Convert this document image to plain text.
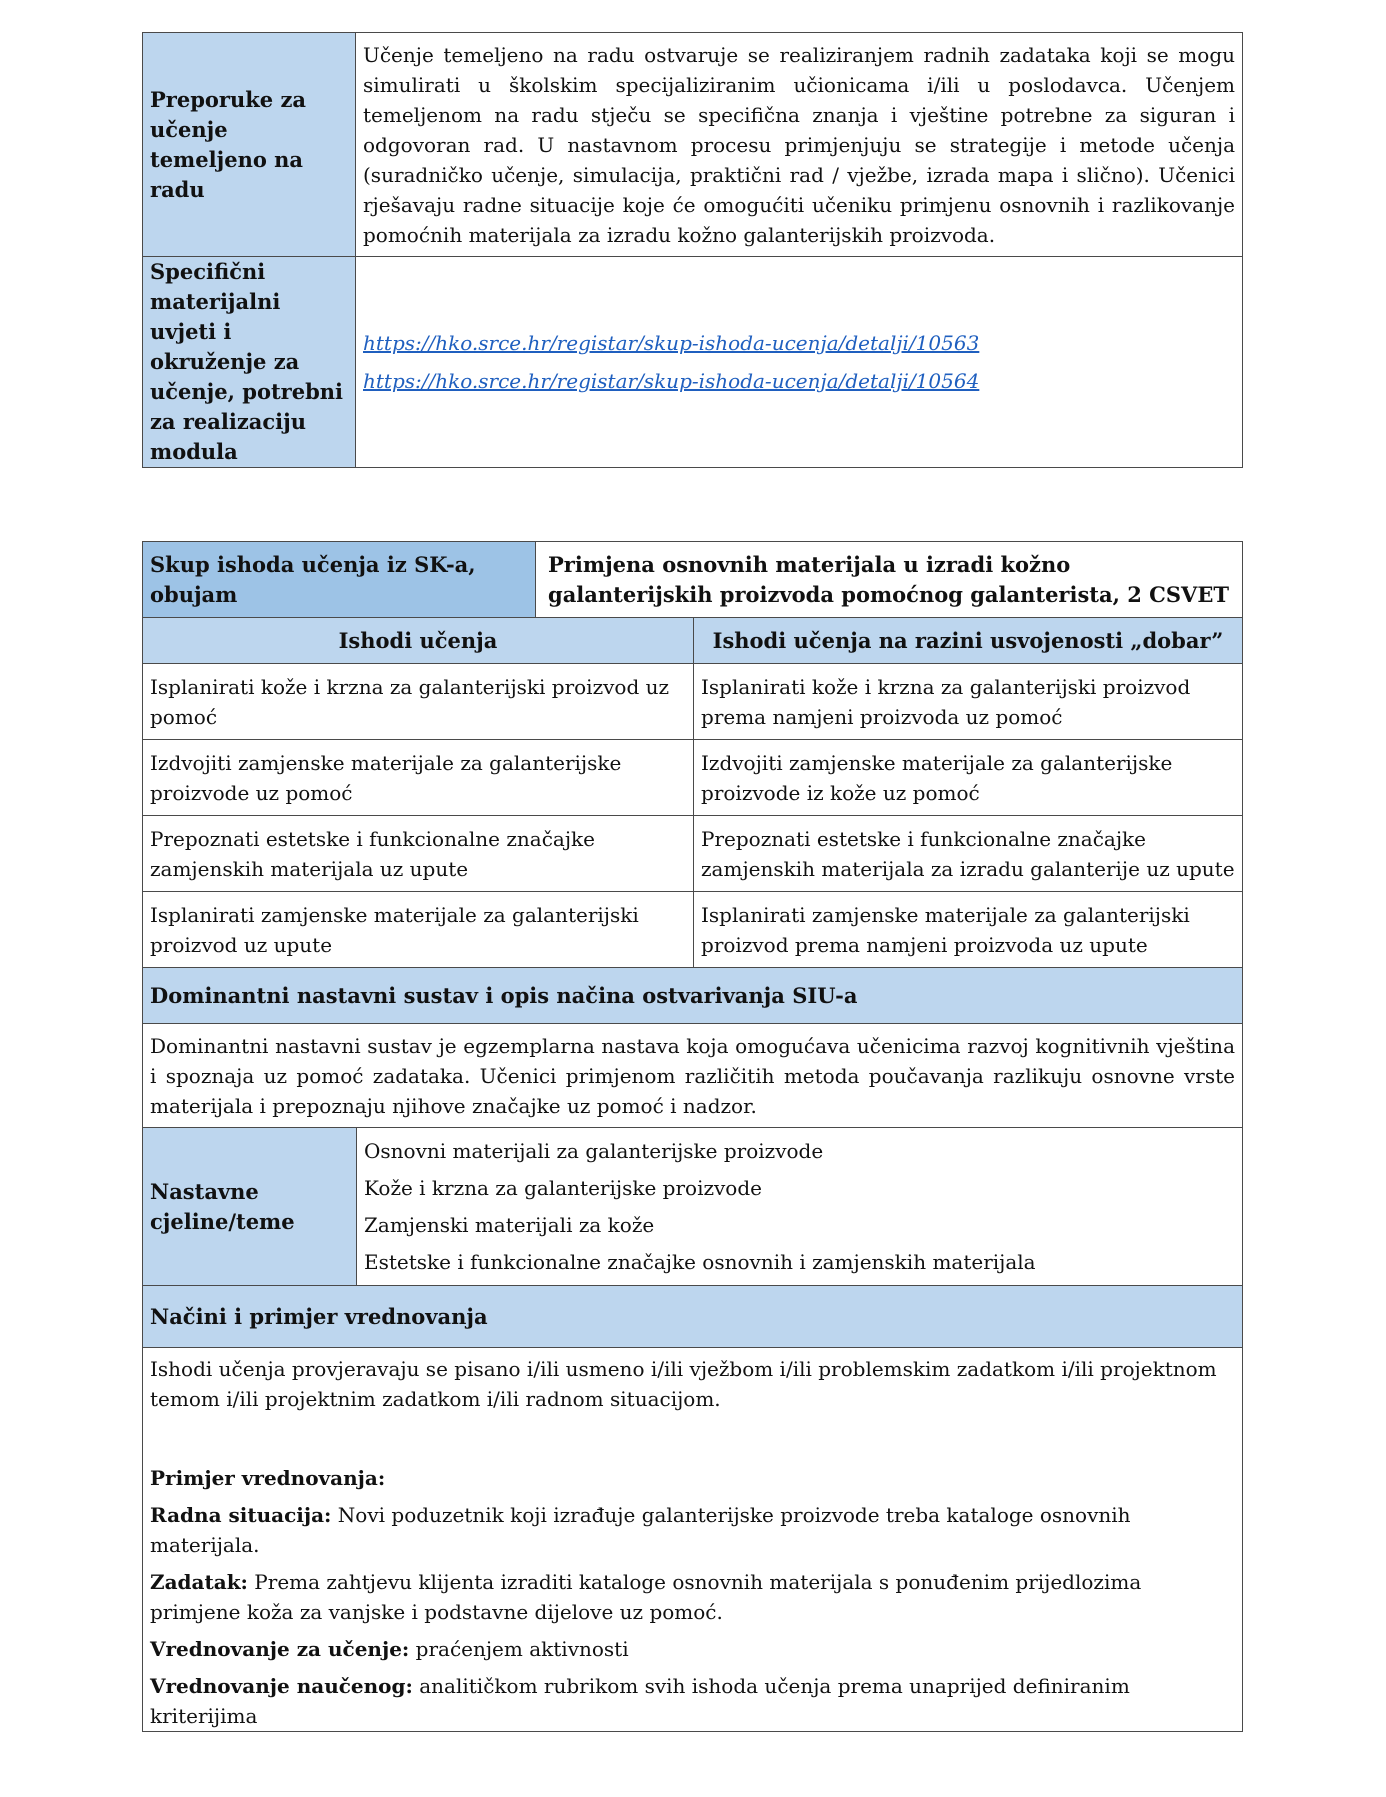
Preporuke za učenje temeljeno na radu	Učenje temeljeno na radu ostvaruje se realiziranjem radnih zadataka koji se mogu simulirati u školskim specijaliziranim učionicama i/ili u poslodavca. Učenjem temeljenom na radu stječu se specifična znanja i vještine potrebne za siguran i odgovoran rad. U nastavnom procesu primjenjuju se strategije i metode učenja (suradničko učenje, simulacija, praktični rad / vježbe, izrada mapa i slično). Učenici rješavaju radne situacije koje će omogućiti učeniku primjenu osnovnih i razlikovanje pomoćnih materijala za izradu kožno galanterijskih proizvoda.
Specifični materijalni uvjeti i okruženje za učenje, potrebni za realizaciju modula	https://hko.srce.hr/registar/skup-ishoda-ucenja/detalji/10563
https://hko.srce.hr/registar/skup-ishoda-ucenja/detalji/10564
Skup ishoda učenja iz SK-a, obujam		Primjena osnovnih materijala u izradi kožno galanterijskih proizvoda pomoćnog galanterista, 2 CSVET	
Ishodi učenja			Ishodi učenja na razini usvojenosti „dobar”
Isplanirati kože i krzna za galanterijski proizvod uz pomoć			Isplanirati kože i krzna za galanterijski proizvod prema namjeni proizvoda uz pomoć
Izdvojiti zamjenske materijale za galanterijske proizvode uz pomoć			Izdvojiti zamjenske materijale za galanterijske proizvode iz kože uz pomoć
Prepoznati estetske i funkcionalne značajke zamjenskih materijala uz upute			Prepoznati estetske i funkcionalne značajke zamjenskih materijala za izradu galanterije uz upute
Isplanirati zamjenske materijale za galanterijski proizvod uz upute			Isplanirati zamjenske materijale za galanterijski proizvod prema namjeni proizvoda uz upute
Dominantni nastavni sustav i opis načina ostvarivanja SIU-a			
Dominantni nastavni sustav je egzemplarna nastava koja omogućava učenicima razvoj kognitivnih vještina i spoznaja uz pomoć zadataka. Učenici primjenom različitih metoda poučavanja razlikuju osnovne vrste materijala i prepoznaju njihove značajke uz pomoć i nadzor.			
Nastavne cjeline/teme	Osnovni materijali za galanterijske proizvode
Kože i krzna za galanterijske proizvode
Zamjenski materijali za kože
Estetske i funkcionalne značajke osnovnih i zamjenskih materijala		

Načini i primjer vrednovanja			

Ishodi učenja provjeravaju se pisano i/ili usmeno i/ili vježbom i/ili problemskim zadatkom i/ili projektnom temom i/ili projektnim zadatkom i/ili radnom situacijom.
Primjer vrednovanja:
Radna situacija: Novi poduzetnik koji izrađuje galanterijske proizvode treba kataloge osnovnih materijala.
Zadatak: Prema zahtjevu klijenta izraditi kataloge osnovnih materijala s ponuđenim prijedlozima primjene koža za vanjske i podstavne dijelove uz pomoć.
Vrednovanje za učenje: praćenjem aktivnosti
Vrednovanje naučenog: analitičkom rubrikom svih ishoda učenja prema unaprijed definiranim kriterijima
